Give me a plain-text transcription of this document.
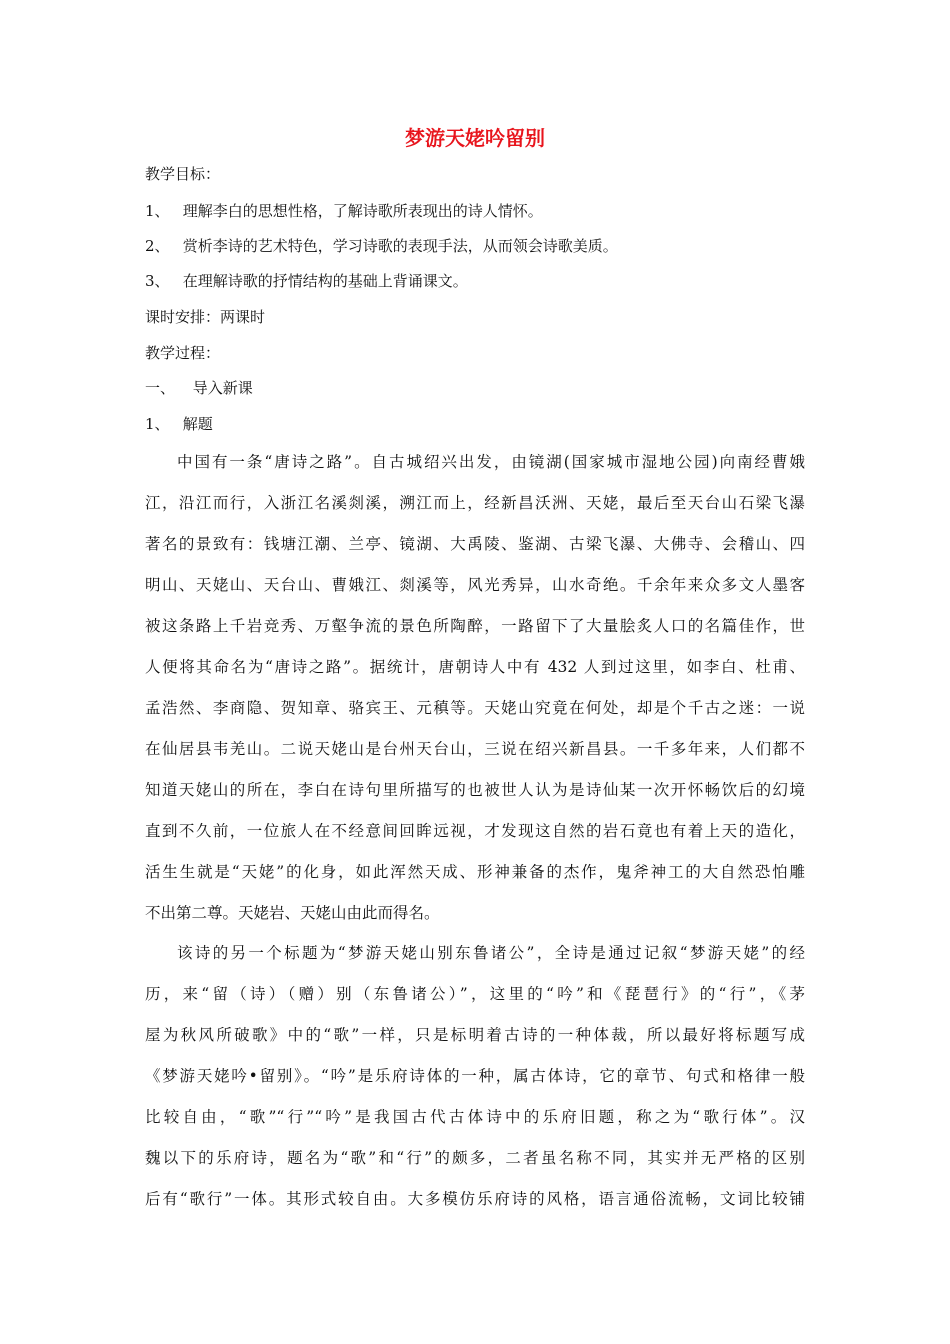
梦游天姥吟留别
教学目标：
1、 理解李白的思想性格，了解诗歌所表现出的诗人情怀。
2、 赏析李诗的艺术特色，学习诗歌的表现手法，从而领会诗歌美质。
3、 在理解诗歌的抒情结构的基础上背诵课文。
课时安排：两课时
教学过程：
一、 导入新课
1、 解题
中国有一条“唐诗之路”。自古城绍兴出发，由镜湖(国家城市湿地公园)向南经曹娥
江，沿江而行，入浙江名溪剡溪，溯江而上，经新昌沃洲、天姥，最后至天台山石梁飞瀑
著名的景致有：钱塘江潮、兰亭、镜湖、大禹陵、鉴湖、古梁飞瀑、大佛寺、会稽山、四
明山、天姥山、天台山、曹娥江、剡溪等，风光秀异，山水奇绝。千余年来众多文人墨客
被这条路上千岩竞秀、万壑争流的景色所陶醉，一路留下了大量脍炙人口的名篇佳作，世
人便将其命名为“唐诗之路”。据统计，唐朝诗人中有 432 人到过这里，如李白、杜甫、
孟浩然、李商隐、贺知章、骆宾王、元稹等。天姥山究竟在何处，却是个千古之迷：一说
在仙居县韦羌山。二说天姥山是台州天台山，三说在绍兴新昌县。一千多年来，人们都不
知道天姥山的所在，李白在诗句里所描写的也被世人认为是诗仙某一次开怀畅饮后的幻境
直到不久前，一位旅人在不经意间回眸远视，才发现这自然的岩石竟也有着上天的造化，
活生生就是“天姥”的化身，如此浑然天成、形神兼备的杰作，鬼斧神工的大自然恐怕雕
不出第二尊。天姥岩、天姥山由此而得名。
该诗的另一个标题为“梦游天姥山别东鲁诸公”，全诗是通过记叙“梦游天姥”的经
历，来“留（诗）（赠）别（东鲁诸公）”，这里的“吟”和《琵琶行》的“行”，《茅
屋为秋风所破歌》中的“歌”一样，只是标明着古诗的一种体裁，所以最好将标题写成
《梦游天姥吟•留别》。“吟”是乐府诗体的一种，属古体诗，它的章节、句式和格律一般
比较自由，“歌”“行”“吟”是我国古代古体诗中的乐府旧题，称之为“歌行体”。汉
魏以下的乐府诗，题名为“歌”和“行”的颇多，二者虽名称不同，其实并无严格的区别
后有“歌行”一体。其形式较自由。大多模仿乐府诗的风格，语言通俗流畅，文词比较铺
